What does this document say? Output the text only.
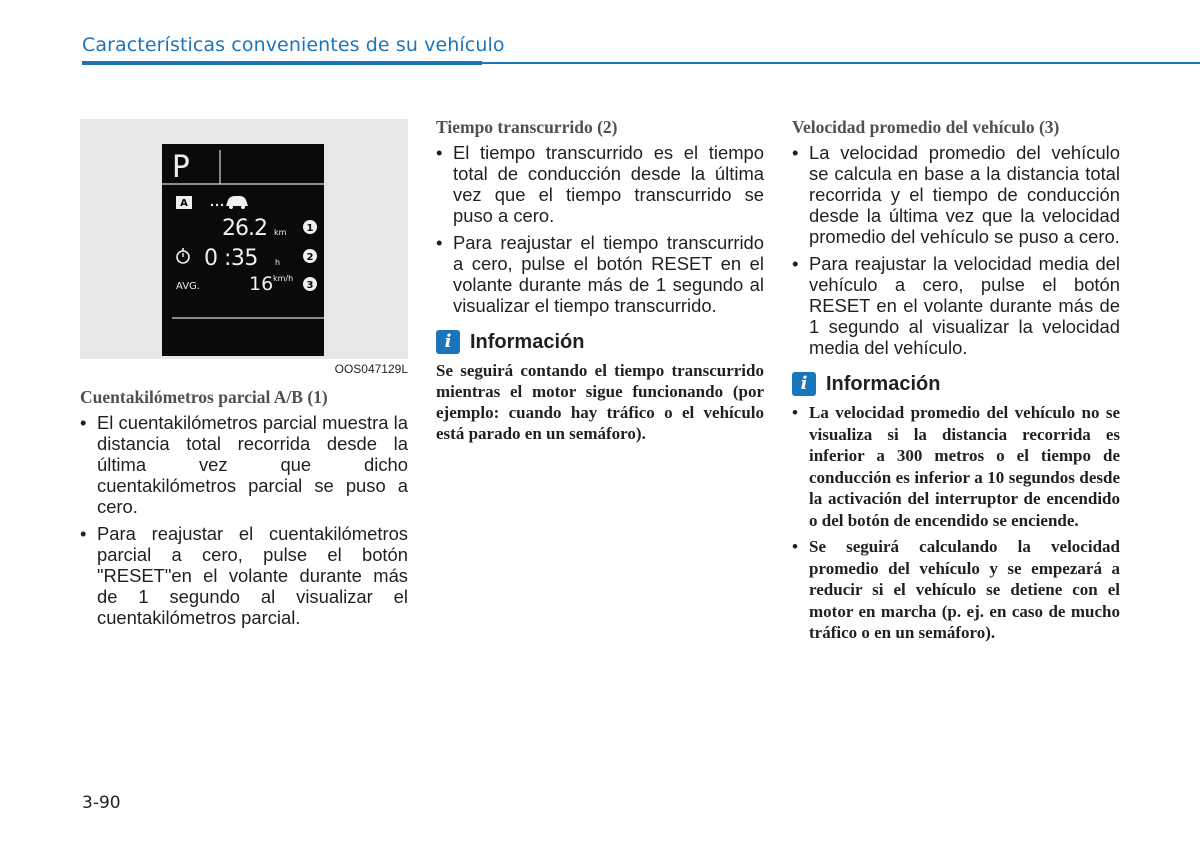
Características convenientes de su vehículo
P
A
26.2 km 1
0 :35 h	2
AVG.	16 km/h
3
OOS047129L
Cuentakilómetros parcial A/B (1)
• El cuentakilómetros parcial muestra la distancia total recorrida desde la última vez que dicho cuentakilómetros parcial se puso a cero.
• Para reajustar el cuentakilómetros parcial a cero, pulse el botón "RESET"en el volante durante más de 1 segundo al visualizar el cuentakilómetros parcial.
Tiempo transcurrido (2)
• El tiempo transcurrido es el tiempo total de conducción desde la última vez que el tiempo transcurrido se puso a cero.
• Para reajustar el tiempo transcurrido a cero, pulse el botón RESET en el volante durante más de 1 segundo al visualizar el tiempo transcurrido.
i Información
Se seguirá contando el tiempo transcurrido mientras el motor sigue funcionando (por ejemplo: cuando hay tráfico o el vehículo está parado en un semáforo).
Velocidad promedio del vehículo (3)
• La velocidad promedio del vehículo se calcula en base a la distancia total recorrida y el tiempo de conducción desde la última vez que la velocidad promedio del vehículo se puso a cero.
• Para reajustar la velocidad media del vehículo a cero, pulse el botón RESET en el volante durante más de 1 segundo al visualizar la velocidad media del vehículo.
i Información
• La velocidad promedio del vehículo no se visualiza si la distancia recorrida es inferior a 300 metros o el tiempo de conducción es inferior a 10 segundos desde la activación del interruptor de encendido o del botón de encendido se enciende.
• Se seguirá calculando la velocidad promedio del vehículo y se empezará a reducir si el vehículo se detiene con el motor en marcha (p. ej. en caso de mucho tráfico o en un semáforo).
3-90
